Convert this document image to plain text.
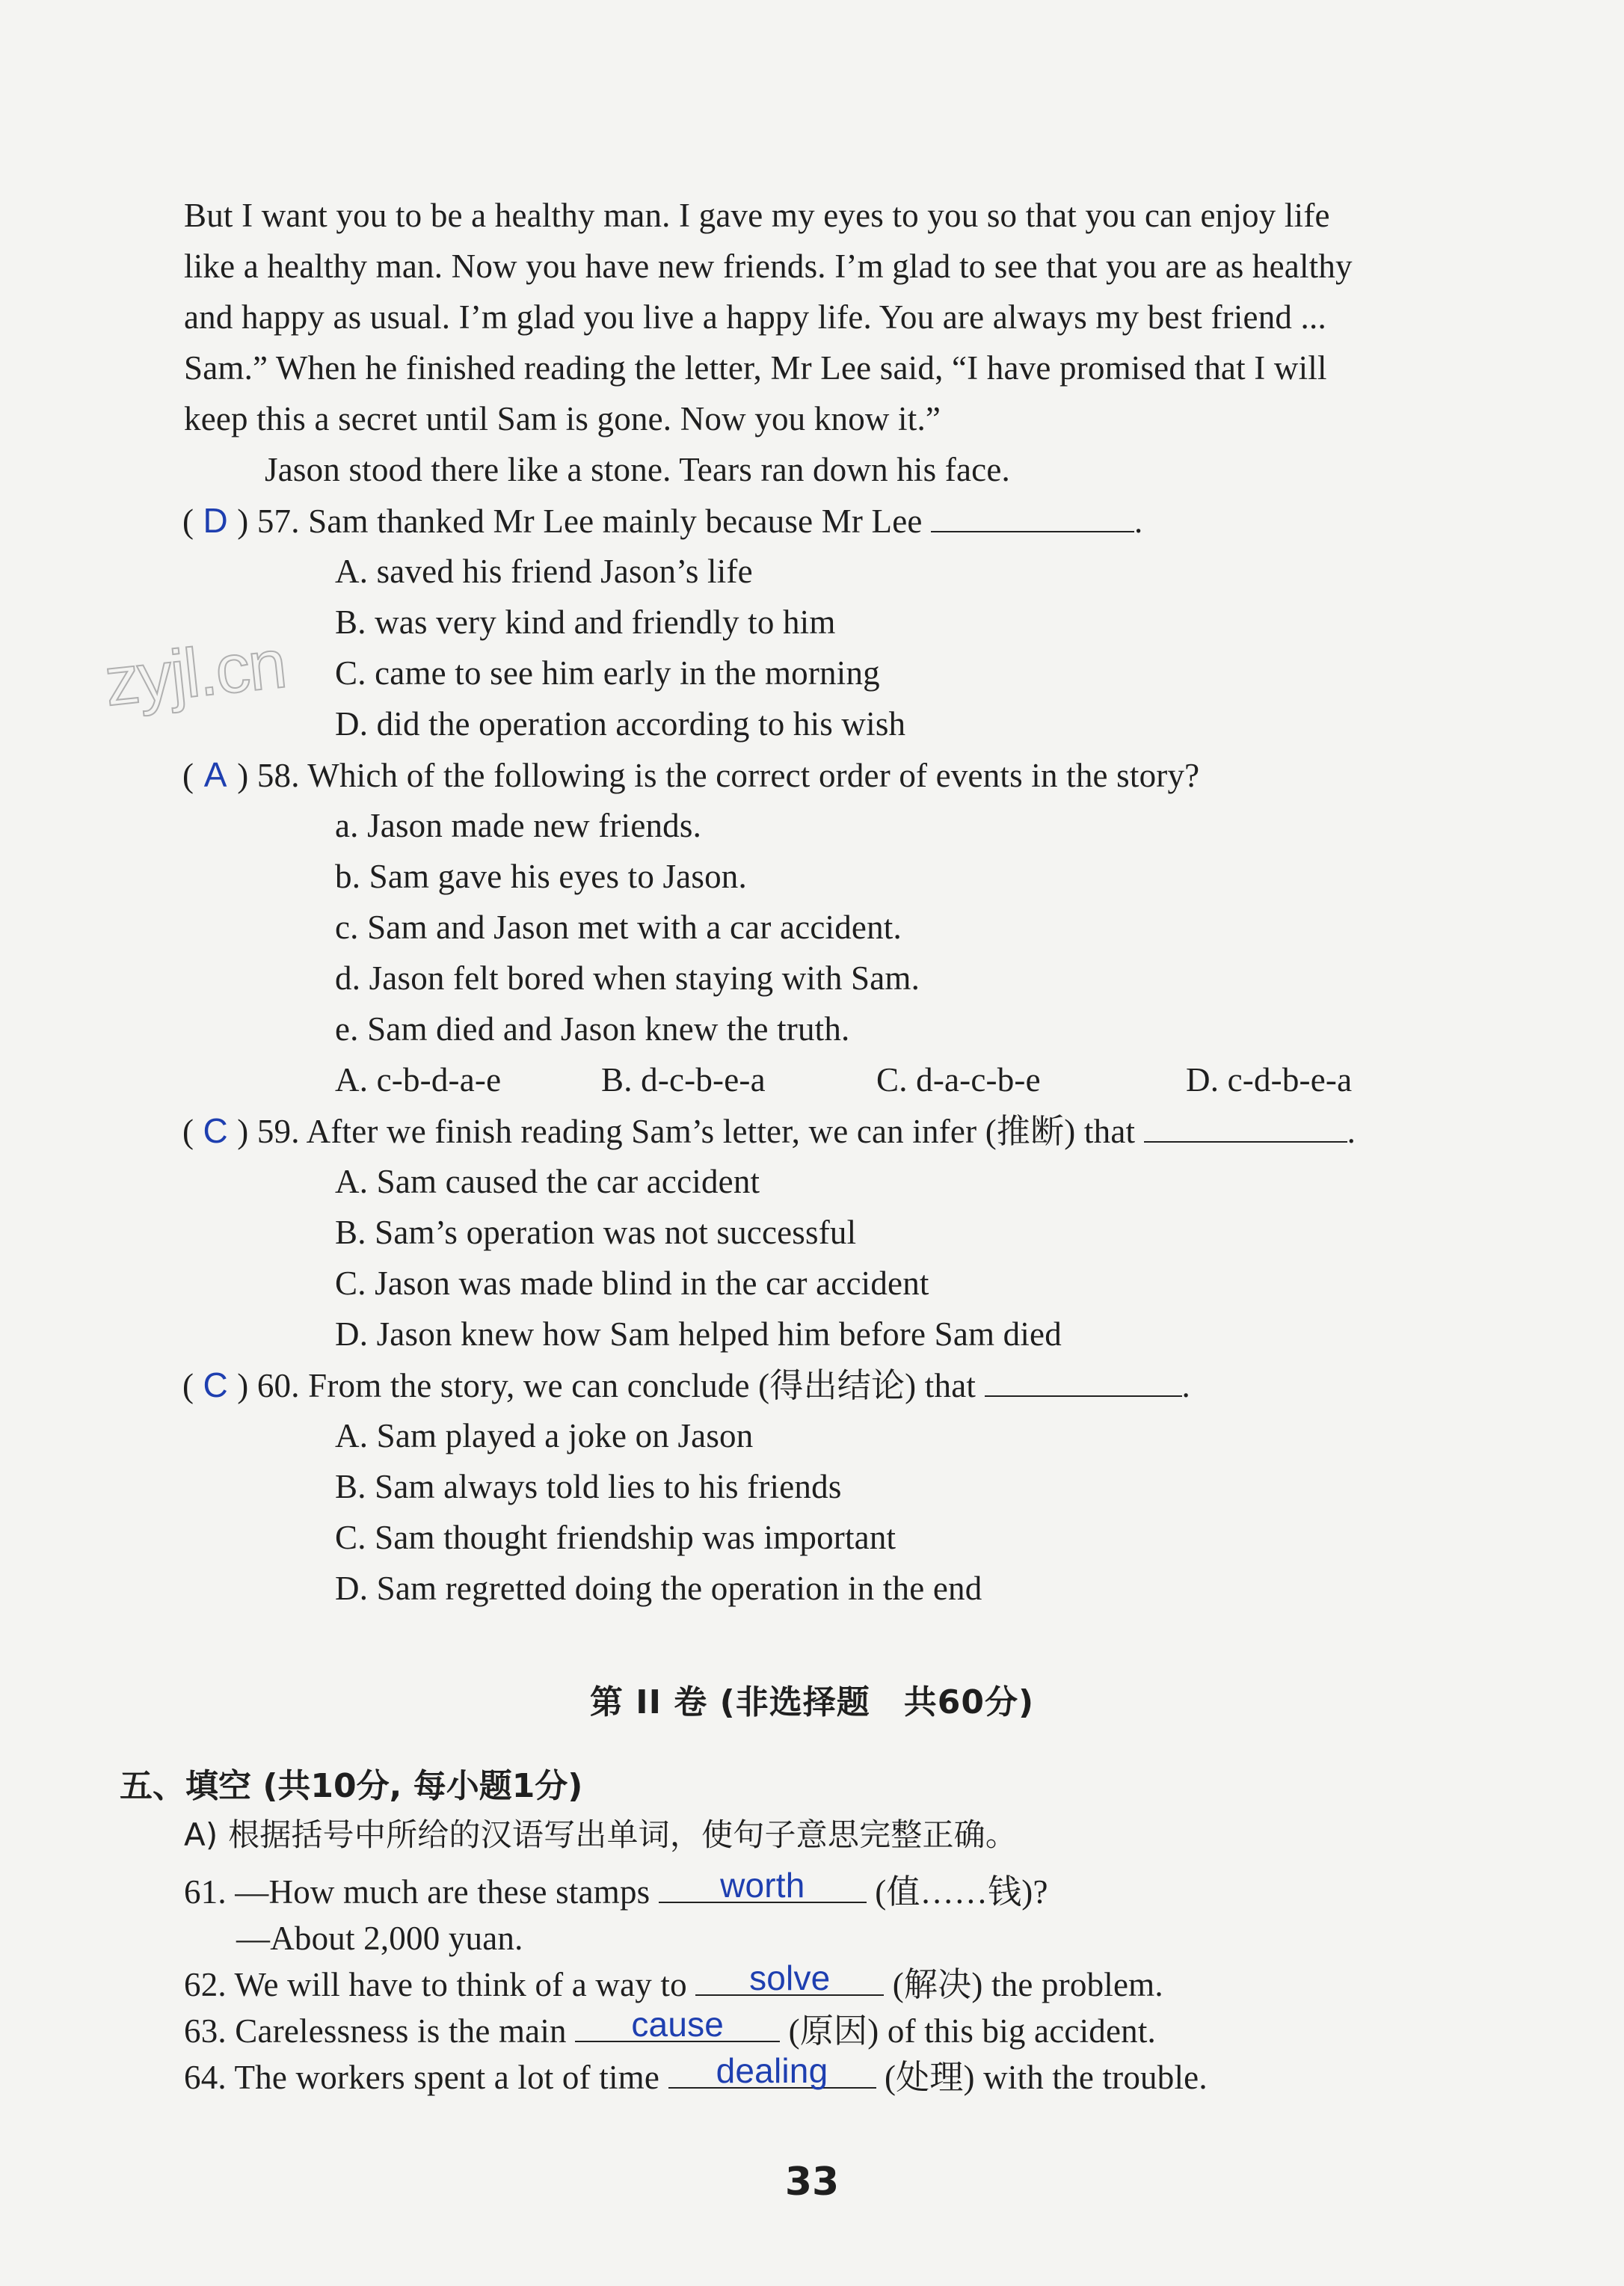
But I want you to be a healthy man. I gave my eyes to you so that you can enjoy life
like a healthy man. Now you have new friends. I’m glad to see that you are as healthy
and happy as usual. I’m glad you live a happy life. You are always my best friend ...
Sam.” When he finished reading the letter, Mr Lee said, “I have promised that I will
keep this a secret until Sam is gone. Now you know it.”
Jason stood there like a stone. Tears ran down his face.
zyjl.cn
( D ) 57. Sam thanked Mr Lee mainly because Mr Lee	.
A. saved his friend Jason’s life
B. was very kind and friendly to him
C. came to see him early in the morning
D. did the operation according to his wish
( A ) 58. Which of the following is the correct order of events in the story?
a. Jason made new friends.
b. Sam gave his eyes to Jason.
c. Sam and Jason met with a car accident.
d. Jason felt bored when staying with Sam.
e. Sam died and Jason knew the truth.
A. c-b-d-a-e	B. d-c-b-e-a	C. d-a-c-b-e	D. c-d-b-e-a
( C ) 59. After we finish reading Sam’s letter, we can infer (推断) that	.
A. Sam caused the car accident
B. Sam’s operation was not successful
C. Jason was made blind in the car accident
D. Jason knew how Sam helped him before Sam died
( C ) 60. From the story, we can conclude (得出结论) that	.
A. Sam played a joke on Jason
B. Sam always told lies to his friends
C. Sam thought friendship was important
D. Sam regretted doing the operation in the end
第 II 卷 (非选择题　共60分)
五、填空 (共10分, 每小题1分)
A) 根据括号中所给的汉语写出单词，使句子意思完整正确。
61. —How much are these stamps worth (值……钱)?
—About 2,000 yuan.
62. We will have to think of a way to solve (解决) the problem.
63. Carelessness is the main cause (原因) of this big accident.
64. The workers spent a lot of time dealing (处理) with the trouble.
33
